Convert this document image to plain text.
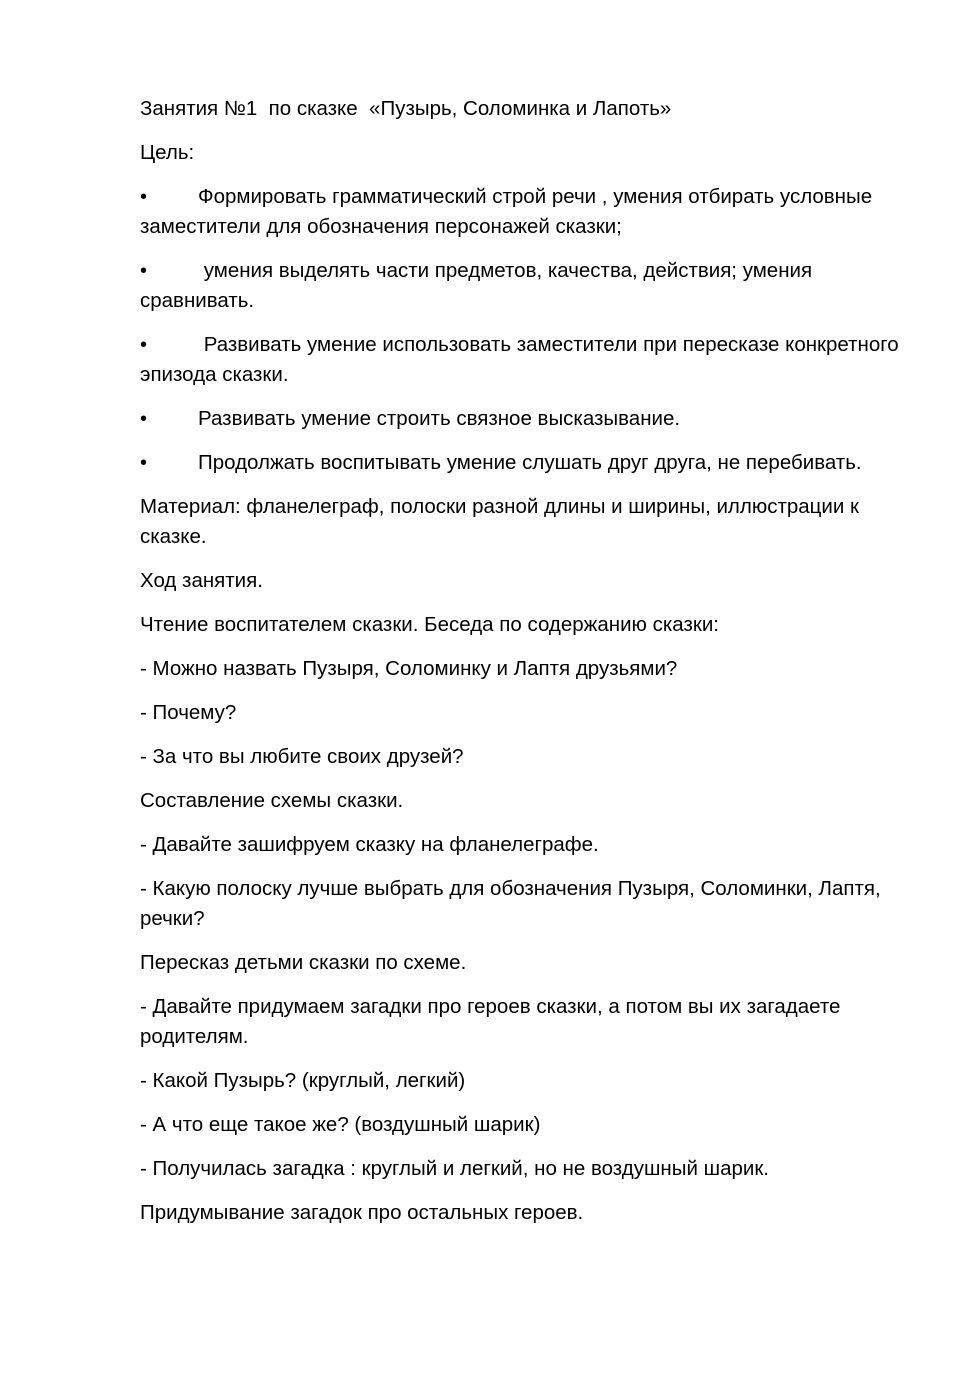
Занятия №1  по сказке  «Пузырь, Соломинка и Лапоть»

Цель:

• Формировать грамматический строй речи , умения отбирать условные заместители для обозначения персонажей сказки;

•	умения выделять части предметов, качества, действия; умения сравнивать.

•	Развивать умение использовать заместители при пересказе конкретного эпизода сказки.

• Развивать умение строить связное высказывание.

• Продолжать воспитывать умение слушать друг друга, не перебивать.

Материал: фланелеграф, полоски разной длины и ширины, иллюстрации к сказке.

Ход занятия.

Чтение воспитателем сказки. Беседа по содержанию сказки:

- Можно назвать Пузыря, Соломинку и Лаптя друзьями?

- Почему?

- За что вы любите своих друзей?

Составление схемы сказки.

- Давайте зашифруем сказку на фланелеграфе.

- Какую полоску лучше выбрать для обозначения Пузыря, Соломинки, Лаптя, речки?

Пересказ детьми сказки по схеме.

- Давайте придумаем загадки про героев сказки, а потом вы их загадаете родителям.

- Какой Пузырь? (круглый, легкий)

- А что еще такое же? (воздушный шарик)

- Получилась загадка : круглый и легкий, но не воздушный шарик.

Придумывание загадок про остальных героев.
